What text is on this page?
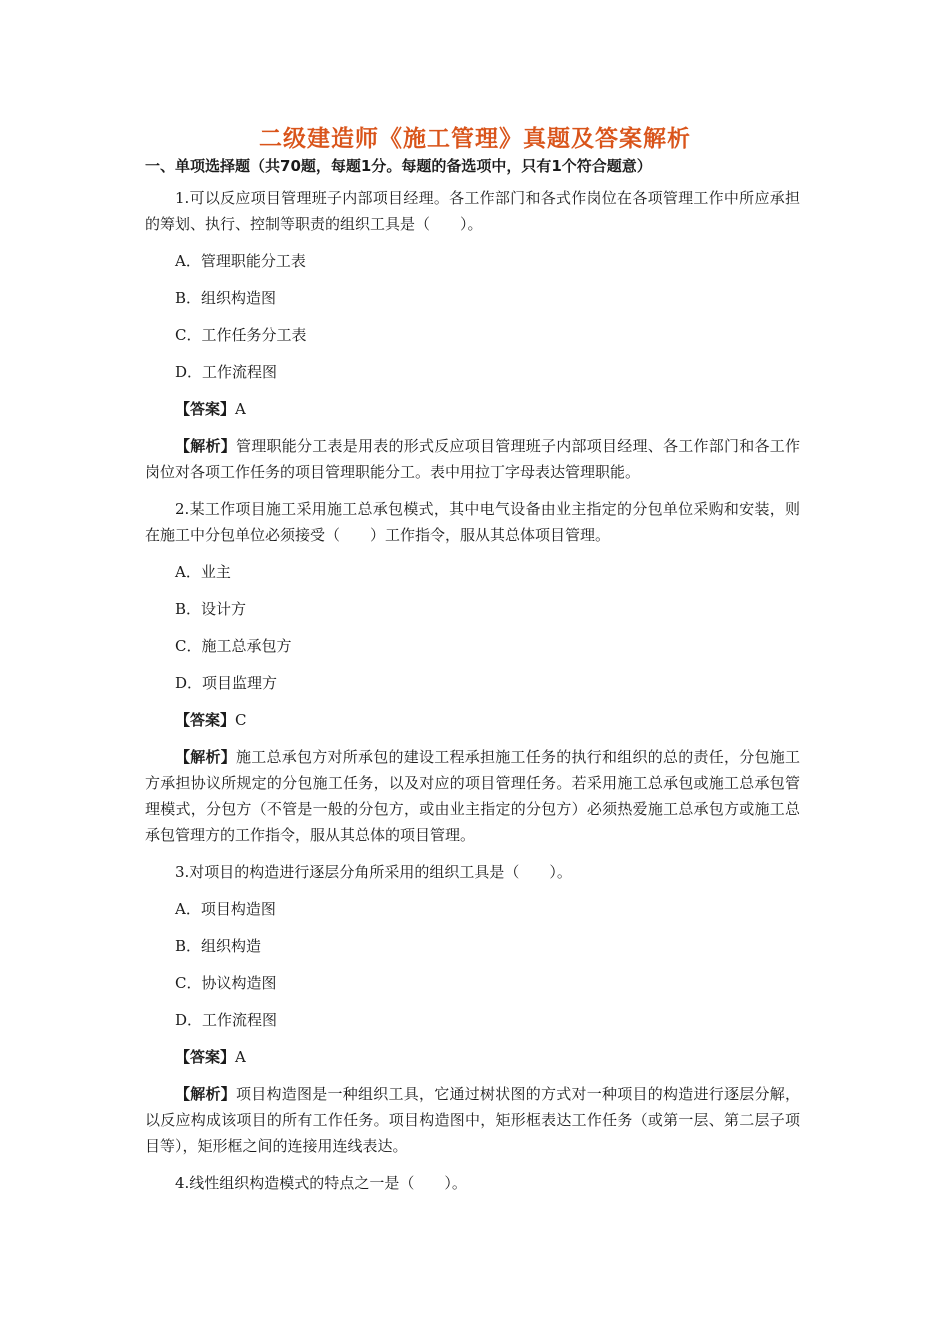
二级建造师《施工管理》真题及答案解析
一、单项选择题（共70题，每题1分。每题的备选项中，只有1个符合题意）

1.可以反应项目管理班子内部项目经理。各工作部门和各式作岗位在各项管理工作中所应承担的筹划、执行、控制等职责的组织工具是（　　）。

A．管理职能分工表

B．组织构造图

C．工作任务分工表

D．工作流程图

【答案】A

【解析】管理职能分工表是用表的形式反应项目管理班子内部项目经理、各工作部门和各工作岗位对各项工作任务的项目管理职能分工。表中用拉丁字母表达管理职能。

2.某工作项目施工采用施工总承包模式，其中电气设备由业主指定的分包单位采购和安装，则在施工中分包单位必须接受（　　）工作指令，服从其总体项目管理。

A．业主

B．设计方

C．施工总承包方

D．项目监理方

【答案】C

【解析】施工总承包方对所承包的建设工程承担施工任务的执行和组织的总的责任，分包施工方承担协议所规定的分包施工任务，以及对应的项目管理任务。若采用施工总承包或施工总承包管理模式，分包方（不管是一般的分包方，或由业主指定的分包方）必须热爱施工总承包方或施工总承包管理方的工作指令，服从其总体的项目管理。

3.对项目的构造进行逐层分角所采用的组织工具是（　　）。

A．项目构造图

B．组织构造

C．协议构造图

D．工作流程图

【答案】A

【解析】项目构造图是一种组织工具，它通过树状图的方式对一种项目的构造进行逐层分解，以反应构成该项目的所有工作任务。项目构造图中，矩形框表达工作任务（或第一层、第二层子项目等），矩形框之间的连接用连线表达。

4.线性组织构造模式的特点之一是（　　）。
